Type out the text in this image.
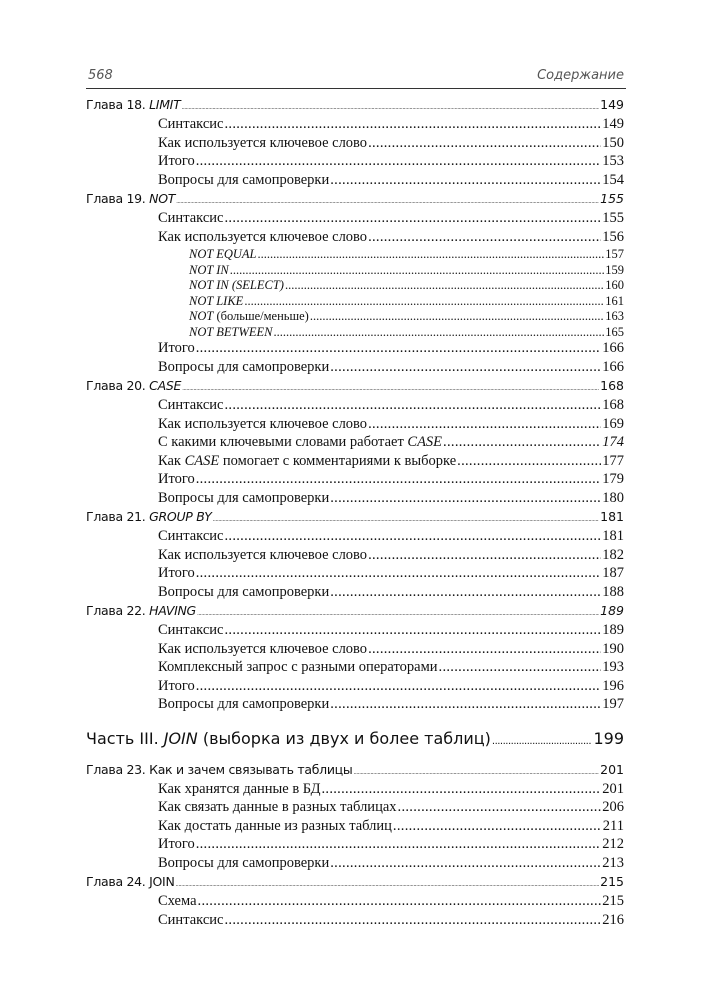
568	Содержание
Глава 18. LIMIT .....	149
Синтаксис .....	149
Как используется ключевое слово .....	150
Итого .....	153
Вопросы для самопроверки .....	154
Глава 19. NOT .....	155
Синтаксис .....	155
Как используется ключевое слово .....	156
NOT EQUAL .....	157
NOT IN .....	159
NOT IN (SELECT) .....	160
NOT LIKE .....	161
NOT (больше/меньше) .....	163
NOT BETWEEN .....	165
Итого .....	166
Вопросы для самопроверки .....	166
Глава 20. CASE .....	168
Синтаксис .....	168
Как используется ключевое слово .....	169
С какими ключевыми словами работает CASE .....	174
Как CASE помогает с комментариями к выборке .....	177
Итого .....	179
Вопросы для самопроверки .....	180
Глава 21. GROUP BY .....	181
Синтаксис .....	181
Как используется ключевое слово .....	182
Итого .....	187
Вопросы для самопроверки .....	188
Глава 22. HAVING .....	189
Синтаксис .....	189
Как используется ключевое слово .....	190
Комплексный запрос с разными операторами .....	193
Итого .....	196
Вопросы для самопроверки .....	197
Часть III. JOIN (выборка из двух и более таблиц) .....	199
Глава 23. Как и зачем связывать таблицы .....	201
Как хранятся данные в БД .....	201
Как связать данные в разных таблицах .....	206
Как достать данные из разных таблиц .....	211
Итого .....	212
Вопросы для самопроверки .....	213
Глава 24. JOIN .....	215
Схема .....	215
Синтаксис .....	216
